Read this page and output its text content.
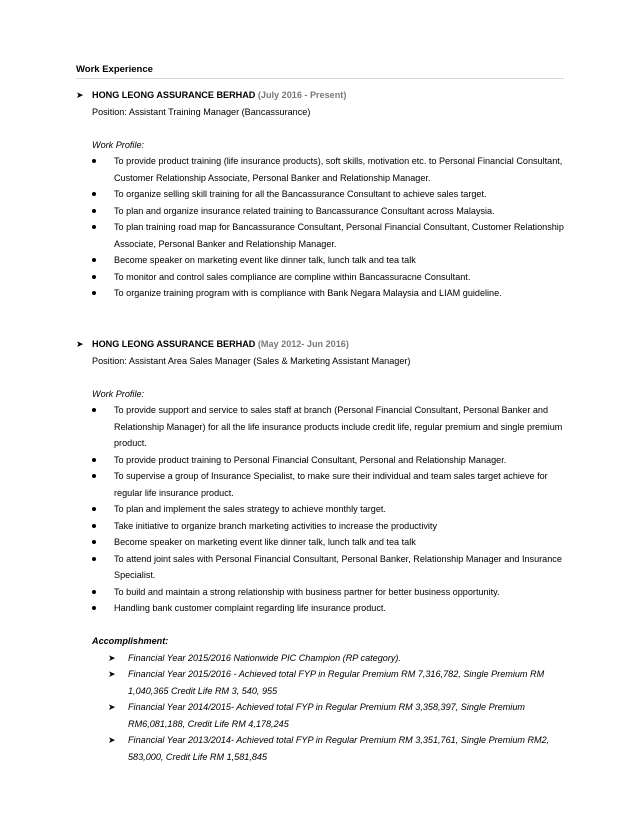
Work Experience
➤ HONG LEONG ASSURANCE BERHAD (July 2016 - Present)
Position: Assistant Training Manager (Bancassurance)
Work Profile:
To provide product training (life insurance products), soft skills, motivation etc. to Personal Financial Consultant, Customer Relationship Associate, Personal Banker and Relationship Manager.
To organize selling skill training for all the Bancassurance Consultant to achieve sales target.
To plan and organize insurance related training to Bancassurance Consultant across Malaysia.
To plan training road map for Bancassurance Consultant, Personal Financial Consultant, Customer Relationship Associate, Personal Banker and Relationship Manager.
Become speaker on marketing event like dinner talk, lunch talk and tea talk
To monitor and control sales compliance are compline within Bancassuracne Consultant.
To organize training program with is compliance with Bank Negara Malaysia and LIAM guideline.
➤ HONG LEONG ASSURANCE BERHAD (May 2012- Jun 2016)
Position: Assistant Area Sales Manager (Sales & Marketing Assistant Manager)
Work Profile:
To provide support and service to sales staff at branch (Personal Financial Consultant, Personal Banker and Relationship Manager) for all the life insurance products include credit life, regular premium and single premium product.
To provide product training to Personal Financial Consultant, Personal and Relationship Manager.
To supervise a group of Insurance Specialist, to make sure their individual and team sales target achieve for regular life insurance product.
To plan and implement the sales strategy to achieve monthly target.
Take initiative to organize branch marketing activities to increase the productivity
Become speaker on marketing event like dinner talk, lunch talk and tea talk
To attend joint sales with Personal Financial Consultant, Personal Banker, Relationship Manager and Insurance Specialist.
To build and maintain a strong relationship with business partner for better business opportunity.
Handling bank customer complaint regarding life insurance product.
Accomplishment:
➤ Financial Year 2015/2016 Nationwide PIC Champion (RP category).
➤ Financial Year 2015/2016 - Achieved total FYP in Regular Premium RM 7,316,782, Single Premium RM 1,040,365 Credit Life RM 3, 540, 955
➤ Financial Year 2014/2015- Achieved total FYP in Regular Premium RM 3,358,397, Single Premium RM6,081,188, Credit Life RM 4,178,245
➤ Financial Year 2013/2014- Achieved total FYP in Regular Premium RM 3,351,761, Single Premium RM2, 583,000, Credit Life RM 1,581,845
